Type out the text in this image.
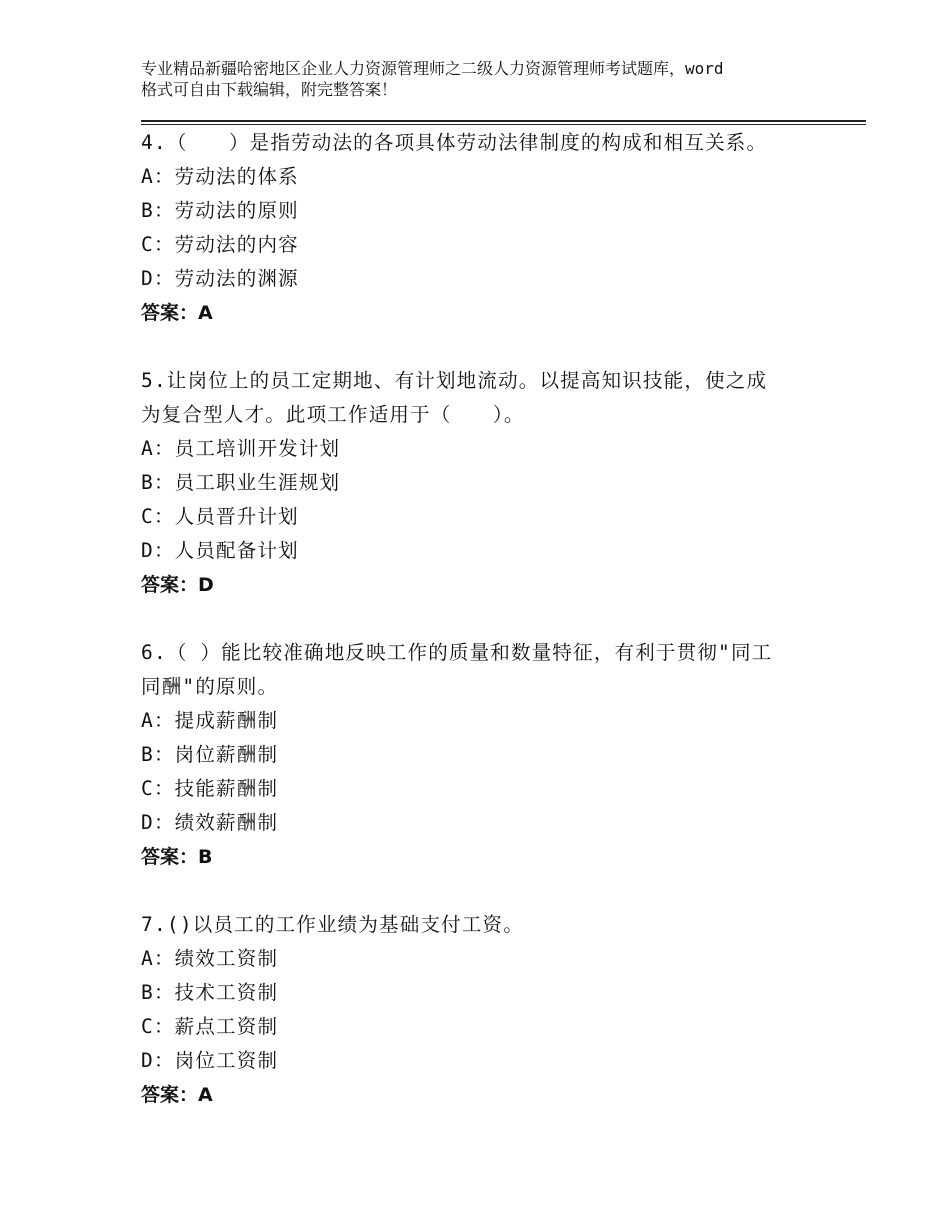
专业精品新疆哈密地区企业人力资源管理师之二级人力资源管理师考试题库，word
格式可自由下载编辑，附完整答案！
4.（　　）是指劳动法的各项具体劳动法律制度的构成和相互关系。
A：劳动法的体系
B：劳动法的原则
C：劳动法的内容
D：劳动法的渊源
答案：A
5.让岗位上的员工定期地、有计划地流动。以提高知识技能，使之成
为复合型人才。此项工作适用于（　　）。
A：员工培训开发计划
B：员工职业生涯规划
C：人员晋升计划
D：人员配备计划
答案：D
6.（ ）能比较准确地反映工作的质量和数量特征，有利于贯彻"同工
同酬"的原则。
A：提成薪酬制
B：岗位薪酬制
C：技能薪酬制
D：绩效薪酬制
答案：B
7.()以员工的工作业绩为基础支付工资。
A：绩效工资制
B：技术工资制
C：薪点工资制
D：岗位工资制
答案：A
